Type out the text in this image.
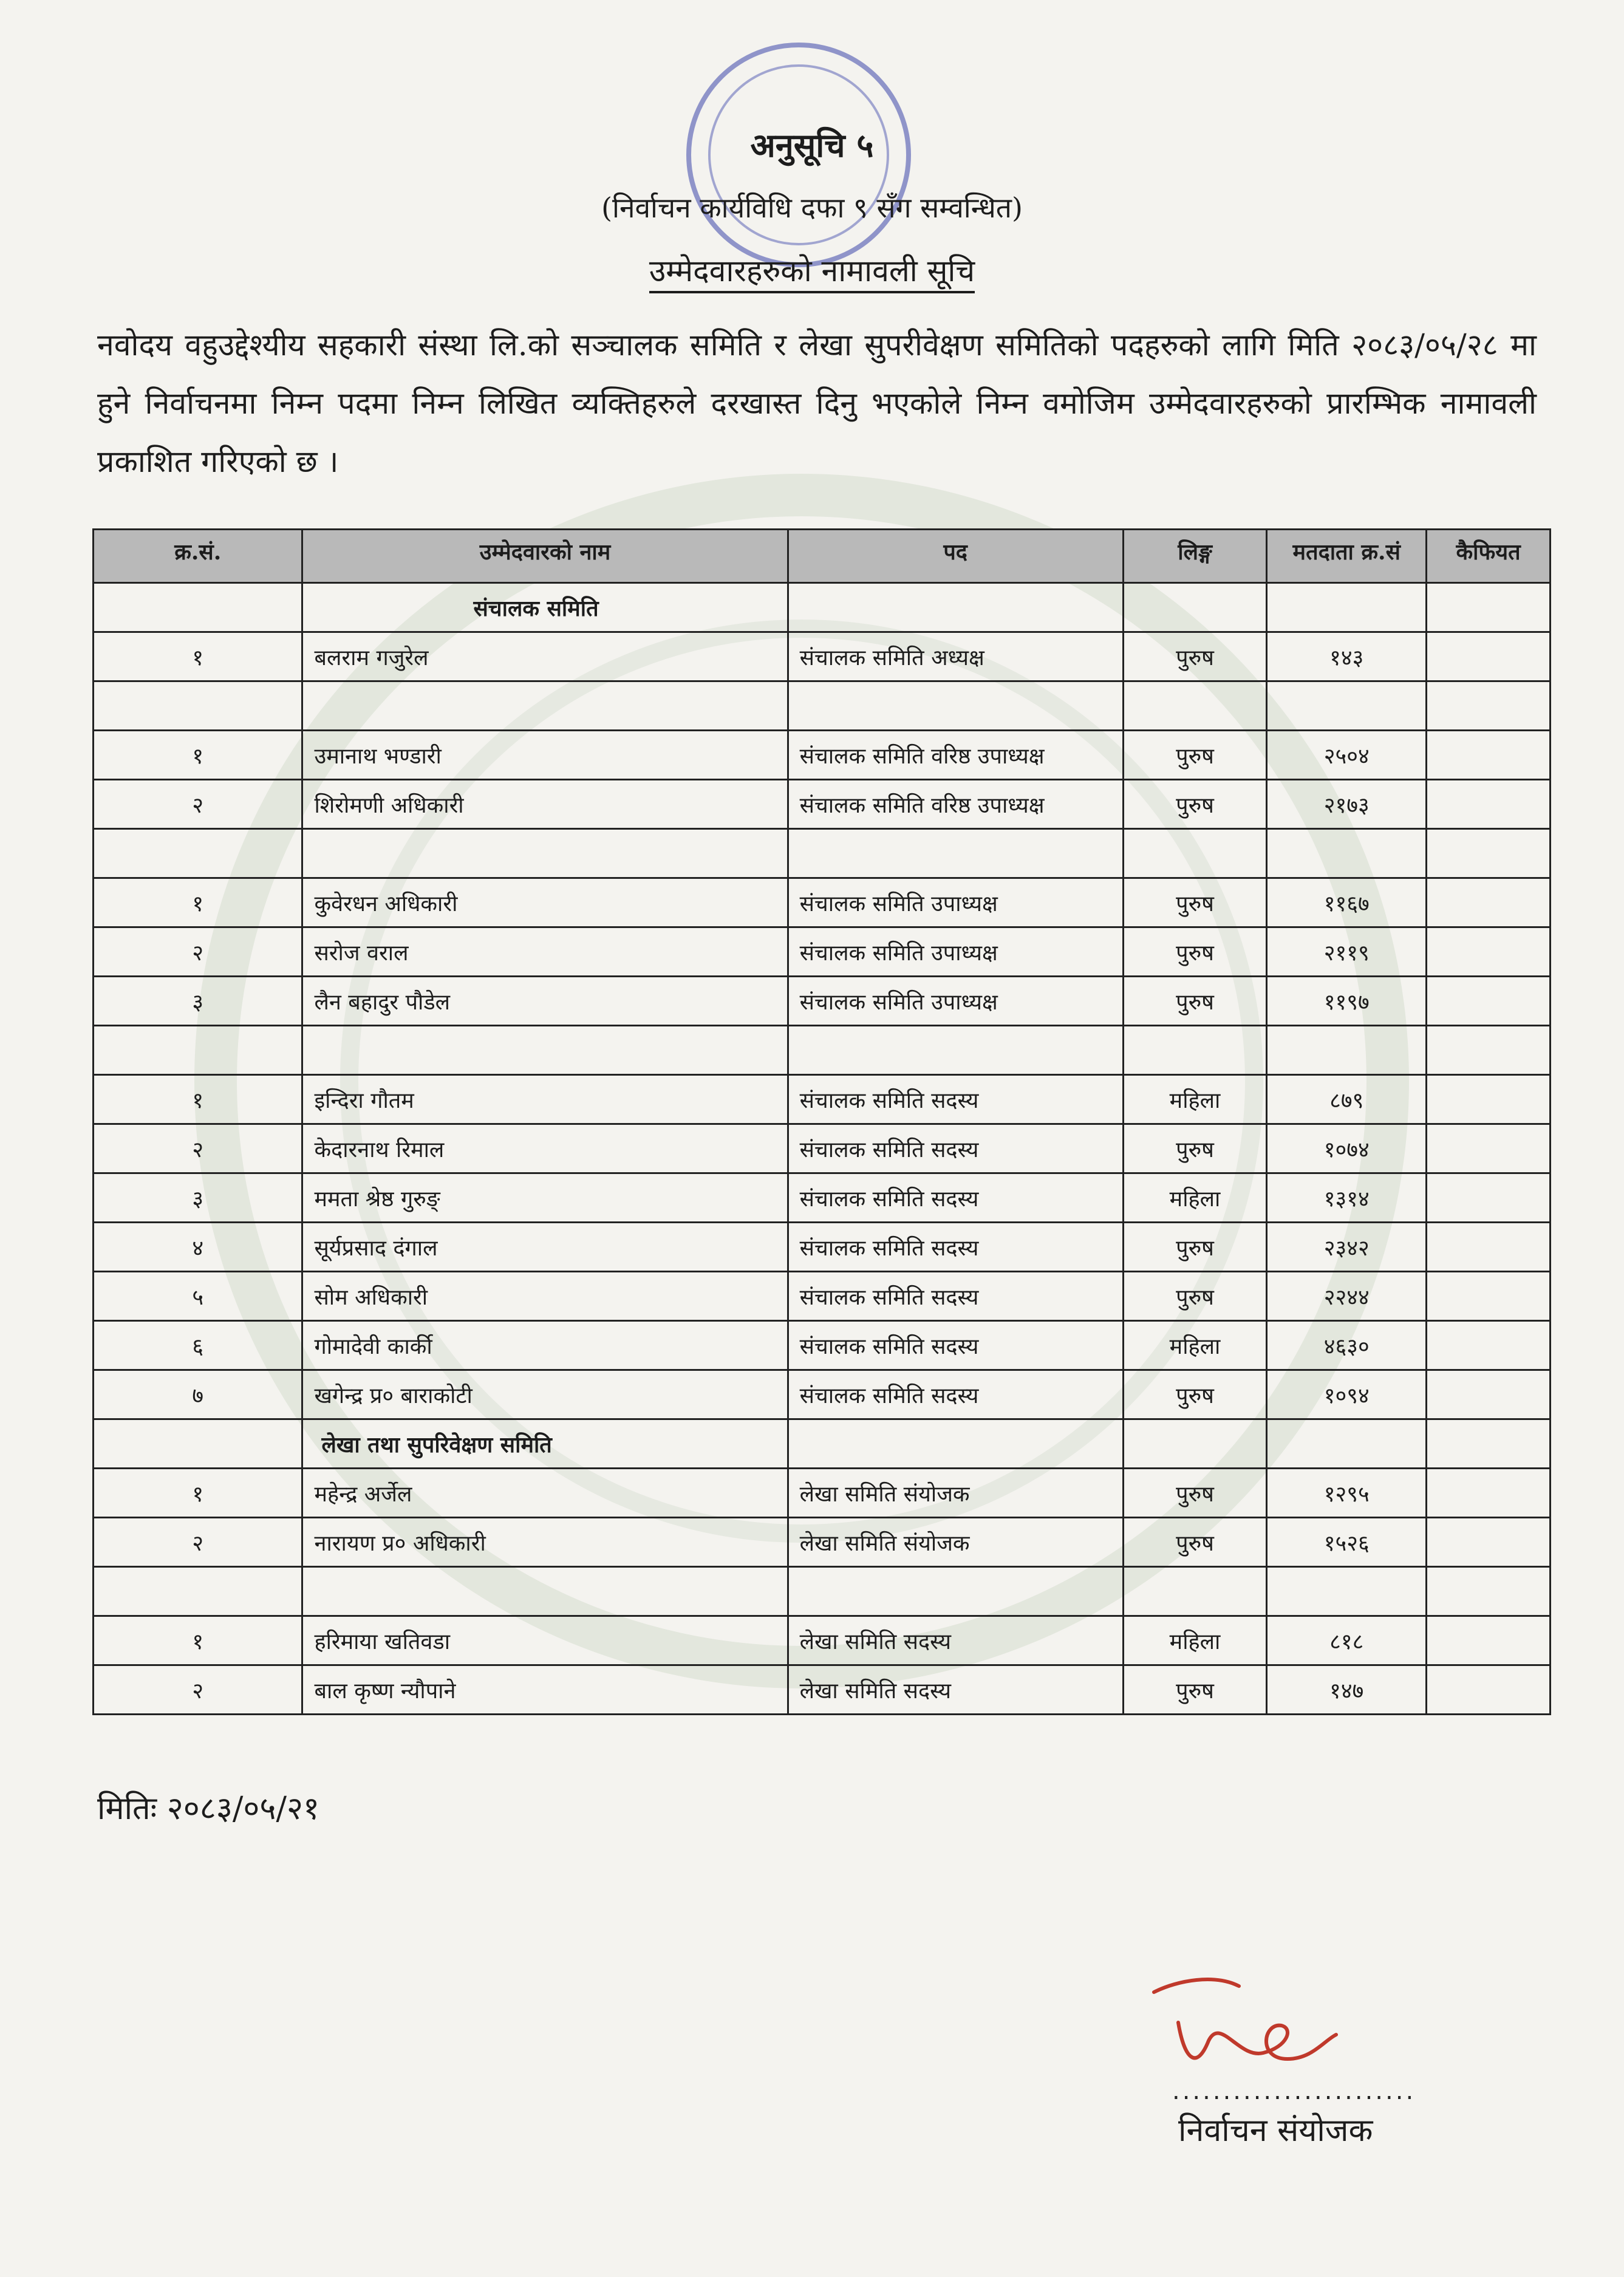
अनुसूचि ५
(निर्वाचन कार्यविधि दफा ९ सँग सम्वन्धित)
उम्मेदवारहरुको नामावली सूचि
नवोदय वहुउद्देश्यीय सहकारी संस्था लि.को सञ्चालक समिति र लेखा सुपरीवेक्षण समितिको पदहरुको लागि मिति २०८३/०५/२८ मा हुने निर्वाचनमा निम्न पदमा निम्न लिखित व्यक्तिहरुले दरखास्त दिनु भएकोले निम्न वमोजिम उम्मेदवारहरुको प्रारम्भिक नामावली प्रकाशित गरिएको छ ।
क्र.सं.	उम्मेदवारको नाम	पद	लिङ्ग	मतदाता क्र.सं	कैफियत
	संचालक समिति				
१	बलराम गजुरेल	संचालक समिति अध्यक्ष	पुरुष	१४३	

१	उमानाथ भण्डारी	संचालक समिति वरिष्ठ उपाध्यक्ष	पुरुष	२५०४	
२	शिरोमणी अधिकारी	संचालक समिति वरिष्ठ उपाध्यक्ष	पुरुष	२१७३	

१	कुवेरधन अधिकारी	संचालक समिति उपाध्यक्ष	पुरुष	११६७	
२	सरोज वराल	संचालक समिति उपाध्यक्ष	पुरुष	२११९	
३	लैन बहादुर पौडेल	संचालक समिति उपाध्यक्ष	पुरुष	११९७	

१	इन्दिरा गौतम	संचालक समिति सदस्य	महिला	८७९	
२	केदारनाथ रिमाल	संचालक समिति सदस्य	पुरुष	१०७४	
३	ममता श्रेष्ठ गुरुङ्	संचालक समिति सदस्य	महिला	१३१४	
४	सूर्यप्रसाद दंगाल	संचालक समिति सदस्य	पुरुष	२३४२	
५	सोम अधिकारी	संचालक समिति सदस्य	पुरुष	२२४४	
६	गोमादेवी कार्की	संचालक समिति सदस्य	महिला	४६३०	
७	खगेन्द्र प्र० बाराकोटी	संचालक समिति सदस्य	पुरुष	१०९४	
	लेखा तथा सुपरिवेक्षण समिति				
१	महेन्द्र अर्जेल	लेखा समिति संयोजक	पुरुष	१२९५	
२	नारायण प्र० अधिकारी	लेखा समिति संयोजक	पुरुष	१५२६	

१	हरिमाया खतिवडा	लेखा समिति सदस्य	महिला	८१८	
२	बाल कृष्ण न्यौपाने	लेखा समिति सदस्य	पुरुष	१४७	
मितिः २०८३/०५/२१
........................
निर्वाचन संयोजक
